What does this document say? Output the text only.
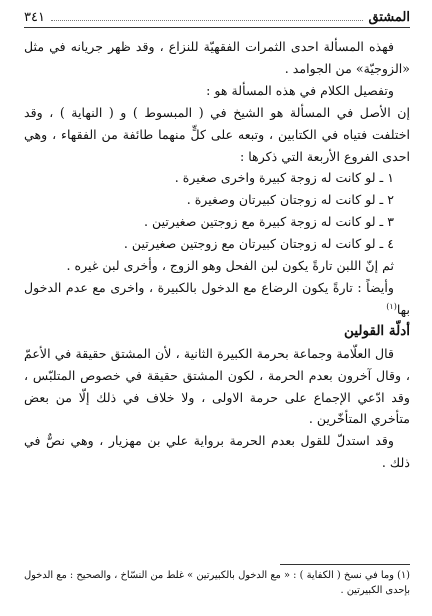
المشتق
٣٤١

فهذه المسألة احدى الثمرات الفقهيّة للنزاع ، وقد ظهر جريانه في مثل «الزوجيّة» من الجوامد .

وتفصيل الكلام في هذه المسألة هو :

إن الأصل في المسألة هو الشيخ في ( المبسوط ) و ( النهاية ) ، وقد اختلفت فتياه في الكتابين ، وتبعه على كلٍّ منهما طائفة من الفقهاء ، وهي احدى الفروع الأربعة التي ذكرها :

١ ـ لو كانت له زوجة كبيرة واخرى صغيرة .

٢ ـ لو كانت له زوجتان كبيرتان وصغيرة .

٣ ـ لو كانت له زوجة كبيرة مع زوجتين صغيرتين .

٤ ـ لو كانت له زوجتان كبيرتان مع زوجتين صغيرتين .

ثم إنّ اللبن تارةً يكون لبن الفحل وهو الزوج ، وأخرى لبن غيره .

وأيضاً : تارةً يكون الرضاع مع الدخول بالكبيرة ، واخرى مع عدم الدخول بها$^{(١)}$

أدلّة القولين

قال العلّامة وجماعة بحرمة الكبيرة الثانية ، لأن المشتق حقيقة في الأعمّ ، وقال آخرون بعدم الحرمة ، لكون المشتق حقيقة في خصوص المتلبّس ، وقد ادّعي الإجماع على حرمة الاولى ، ولا خلاف في ذلك إلّا من بعض متأخري المتأخّرين .

وقد استدلّ للقول بعدم الحرمة برواية علي بن مهزيار ، وهي نصٌّ في ذلك .

(١) وما في نسخ ( الكفاية ) : « مع الدخول بالكبيرتين » غلط من النسّاخ ، والصحيح : مع الدخول بإحدى الكبيرتين .
